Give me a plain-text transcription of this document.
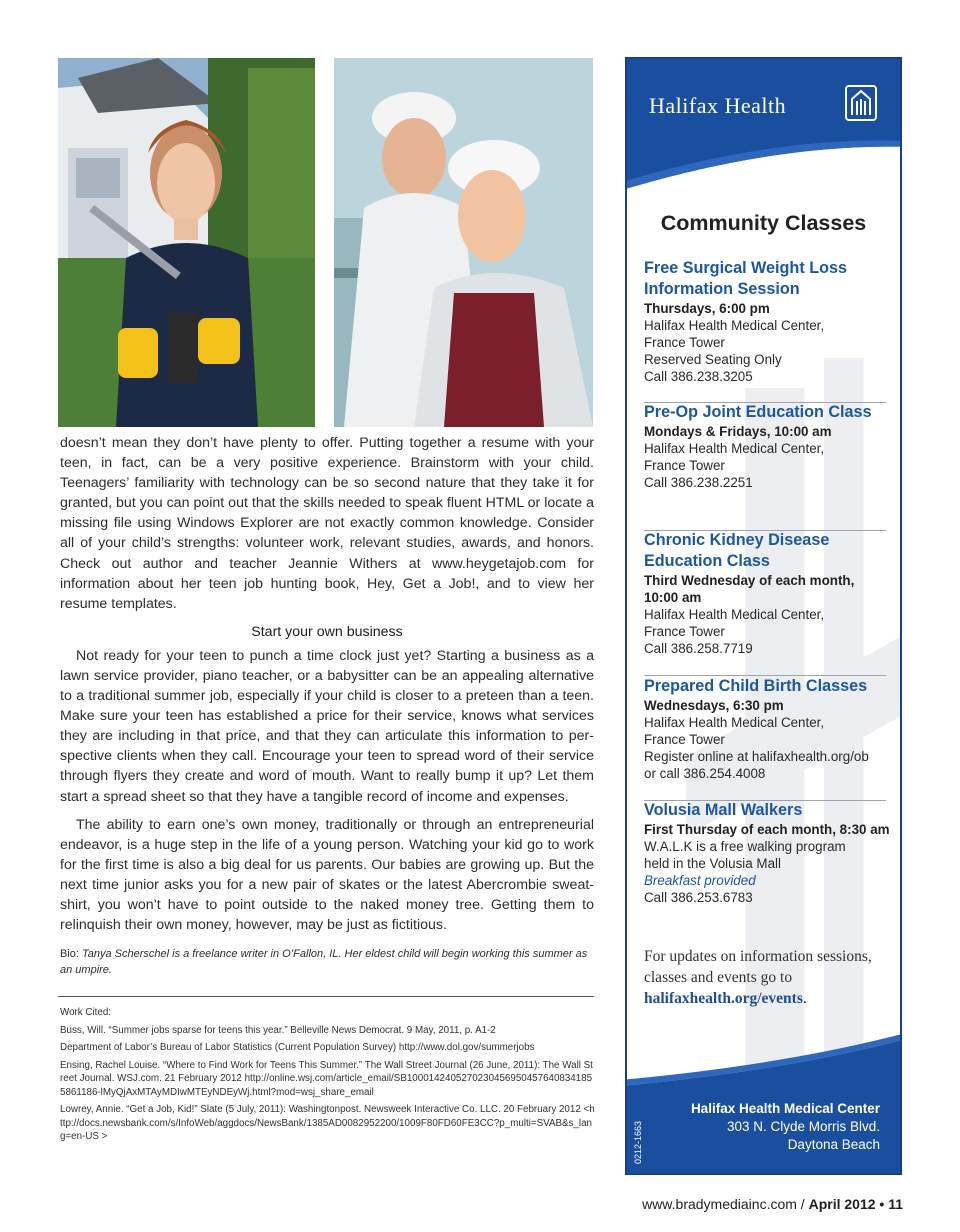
doesn’t mean they don’t have plenty to offer. Putting together a resume with your teen, in fact, can be a very positive experience. Brainstorm with your child. Teenagers’ familiarity with technology can be so second nature that they take it for granted, but you can point out that the skills needed to speak fluent HTML or locate a missing file using Windows Explorer are not exactly common knowledge. Consider all of your child’s strengths: volunteer work, relevant studies, awards, and honors. Check out author and teacher Jeannie Withers at www.heygetajob.com for information about her teen job hunting book, Hey, Get a Job!, and to view her resume templates.

Start your own business

Not ready for your teen to punch a time clock just yet? Starting a business as a lawn service provider, piano teacher, or a babysitter can be an appealing alternative to a traditional summer job, especially if your child is closer to a preteen than a teen. Make sure your teen has established a price for their service, knows what services they are including in that price, and that they can articulate this information to per-spective clients when they call. Encourage your teen to spread word of their service through flyers they create and word of mouth. Want to really bump it up? Let them start a spread sheet so that they have a tangible record of income and expenses.

The ability to earn one’s own money, traditionally or through an entrepreneurial endeavor, is a huge step in the life of a young person. Watching your kid go to work for the first time is also a big deal for us parents. Our babies are growing up. But the next time junior asks you for a new pair of skates or the latest Abercrombie sweat-shirt, you won’t have to point outside to the naked money tree. Getting them to relinquish their own money, however, may be just as fictitious.

Bio: Tanya Scherschel is a freelance writer in O’Fallon, IL. Her eldest child will begin working this summer as an umpire.

Work Cited:
Buss, Will. “Summer jobs sparse for teens this year.” Belleville News Democrat. 9 May, 2011, p. A1-2
Department of Labor’s Bureau of Labor Statistics (Current Population Survey) http://www.dol.gov/summerjobs
Ensing, Rachel Louise. “Where to Find Work for Teens This Summer.” The Wall Street Journal (26 June, 2011): The Wall Street Journal. WSJ.com. 21 February 2012 http://online.wsj.com/article_email/SB10001424052702304569504576408341855861186-lMyQjAxMTAyMDIwMTEyNDEyWj.html?mod=wsj_share_email
Lowrey, Annie. “Get a Job, Kid!” Slate (5 July, 2011): Washingtonpost. Newsweek Interactive Co. LLC. 20 February 2012 <http://docs.newsbank.com/s/InfoWeb/aggdocs/NewsBank/1385AD0082952200/1009F80FD60FE3CC?p_multi=SVAB&s_lang=en-US >
Halifax Health
Community Classes
Free Surgical Weight Loss Information Session
Thursdays, 6:00 pm
Halifax Health Medical Center,
France Tower
Reserved Seating Only
Call 386.238.3205
Pre-Op Joint Education Class
Mondays & Fridays, 10:00 am
Halifax Health Medical Center,
France Tower
Call 386.238.2251
Chronic Kidney Disease Education Class
Third Wednesday of each month, 10:00 am
Halifax Health Medical Center,
France Tower
Call 386.258.7719
Prepared Child Birth Classes
Wednesdays, 6:30 pm
Halifax Health Medical Center,
France Tower
Register online at halifaxhealth.org/ob
or call 386.254.4008
Volusia Mall Walkers
First Thursday of each month, 8:30 am
W.A.L.K is a free walking program
held in the Volusia Mall
Breakfast provided
Call 386.253.6783
For updates on information sessions, classes and events go to halifaxhealth.org/events.
0212-1663
Halifax Health Medical Center
303 N. Clyde Morris Blvd.
Daytona Beach
www.bradymediainc.com / April 2012 • 11
